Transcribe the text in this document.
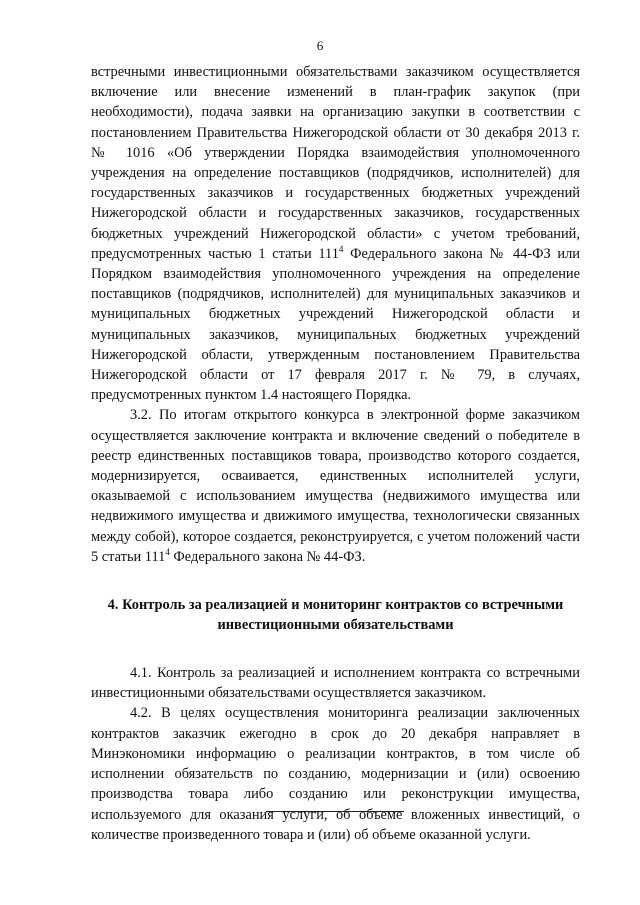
6

встречными инвестиционными обязательствами заказчиком осуществляется включение или внесение изменений в план-график закупок (при необходимости), подача заявки на организацию закупки в соответствии с постановлением Правительства Нижегородской области от 30 декабря 2013 г. № 1016 «Об утверждении Порядка взаимодействия уполномоченного учреждения на определение поставщиков (подрядчиков, исполнителей) для государственных заказчиков и государственных бюджетных учреждений Нижегородской области и государственных заказчиков, государственных бюджетных учреждений Нижегородской области» с учетом требований, предусмотренных частью 1 статьи $111^4$ Федерального закона № 44-ФЗ или Порядком взаимодействия уполномоченного учреждения на определение поставщиков (подрядчиков, исполнителей) для муниципальных заказчиков и муниципальных бюджетных учреждений Нижегородской области и муниципальных заказчиков, муниципальных бюджетных учреждений Нижегородской области, утвержденным постановлением Правительства Нижегородской области от 17 февраля 2017 г. № 79, в случаях, предусмотренных пунктом 1.4 настоящего Порядка.

3.2. По итогам открытого конкурса в электронной форме заказчиком осуществляется заключение контракта и включение сведений о победителе в реестр единственных поставщиков товара, производство которого создается, модернизируется, осваивается, единственных исполнителей услуги, оказываемой с использованием имущества (недвижимого имущества или недвижимого имущества и движимого имущества, технологически связанных между собой), которое создается, реконструируется, с учетом положений части 5 статьи $111^4$ Федерального закона № 44-ФЗ.

4. Контроль за реализацией и мониторинг контрактов со встречными инвестиционными обязательствами

4.1. Контроль за реализацией и исполнением контракта со встречными инвестиционными обязательствами осуществляется заказчиком.

4.2. В целях осуществления мониторинга реализации заключенных контрактов заказчик ежегодно в срок до 20 декабря направляет в Минэкономики информацию о реализации контрактов, в том числе об исполнении обязательств по созданию, модернизации и (или) освоению производства товара либо созданию или реконструкции имущества, используемого для оказания услуги, об объеме вложенных инвестиций, о количестве произведенного товара и (или) об объеме оказанной услуги.
